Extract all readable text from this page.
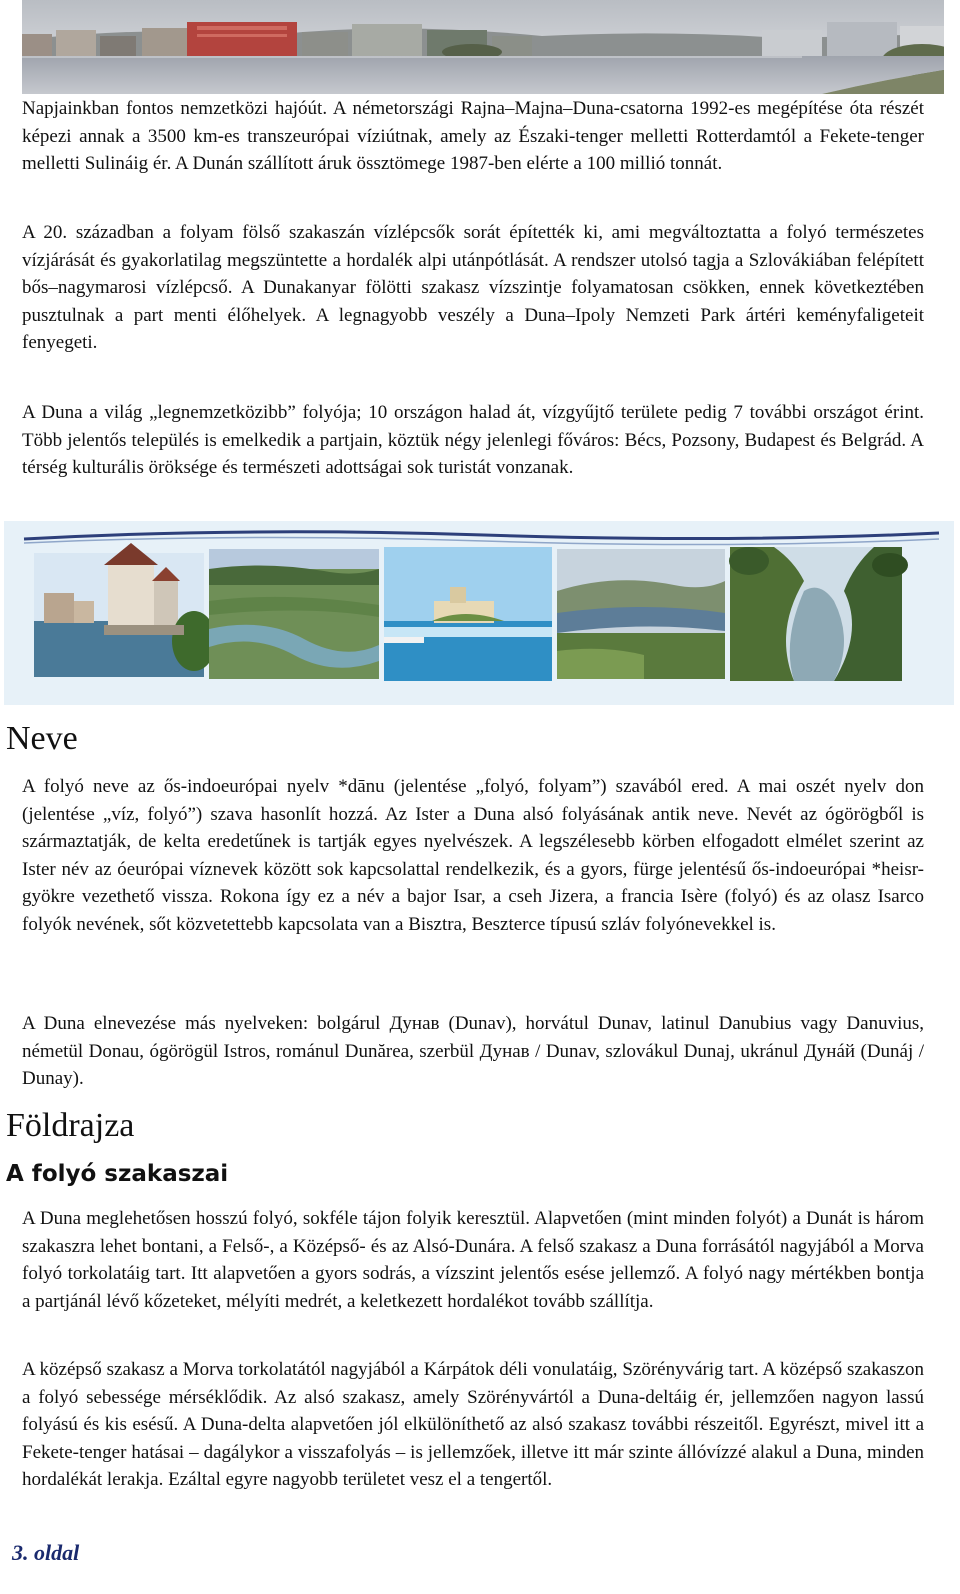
Napjainkban fontos nemzetközi hajóút. A németországi Rajna–Majna–Duna-csatorna 1992-es megépítése óta részét képezi annak a 3500 km-es transzeurópai víziútnak, amely az Északi-tenger melletti Rotterdamtól a Fekete-tenger melletti Sulináig ér. A Dunán szállított áruk össztömege 1987-ben elérte a 100 millió tonnát.

A 20. században a folyam fölső szakaszán vízlépcsők sorát építették ki, ami megváltoztatta a folyó természetes vízjárását és gyakorlatilag megszüntette a hordalék alpi utánpótlását. A rendszer utolsó tagja a Szlovákiában felépített bős–nagymarosi vízlépcső. A Dunakanyar fölötti szakasz vízszintje folyamatosan csökken, ennek következtében pusztulnak a part menti élőhelyek. A legnagyobb veszély a Duna–Ipoly Nemzeti Park ártéri keményfaligeteit fenyegeti.

A Duna a világ „legnemzetközibb” folyója; 10 országon halad át, vízgyűjtő területe pedig 7 további országot érint. Több jelentős település is emelkedik a partjain, köztük négy jelenlegi főváros: Bécs, Pozsony, Budapest és Belgrád. A térség kulturális öröksége és természeti adottságai sok turistát vonzanak.

Neve

A folyó neve az ős-indoeurópai nyelv *dānu (jelentése „folyó, folyam”) szavából ered. A mai oszét nyelv don (jelentése „víz, folyó”) szava hasonlít hozzá. Az Ister a Duna alsó folyásának antik neve. Nevét az ógörögből is származtatják, de kelta eredetűnek is tartják egyes nyelvészek. A legszélesebb körben elfogadott elmélet szerint az Ister név az óeurópai víznevek között sok kapcsolattal rendelkezik, és a gyors, fürge jelentésű ős-indoeurópai *heisr- gyökre vezethető vissza. Rokona így ez a név a bajor Isar, a cseh Jizera, a francia Isère (folyó) és az olasz Isarco folyók nevének, sőt közvetettebb kapcsolata van a Bisztra, Beszterce típusú szláv folyónevekkel is.

A Duna elnevezése más nyelveken: bolgárul Дунав (Dunav), horvátul Dunav, latinul Danubius vagy Danuvius, németül Donau, ógörögül Istros, románul Dunărea, szerbül Дунав / Dunav, szlovákul Dunaj, ukránul Дунáй (Dunáj / Dunay).

Földrajza
A folyó szakaszai

A Duna meglehetősen hosszú folyó, sokféle tájon folyik keresztül. Alapvetően (mint minden folyót) a Dunát is három szakaszra lehet bontani, a Felső-, a Középső- és az Alsó-Dunára. A felső szakasz a Duna forrásától nagyjából a Morva folyó torkolatáig tart. Itt alapvetően a gyors sodrás, a vízszint jelentős esése jellemző. A folyó nagy mértékben bontja a partjánál lévő kőzeteket, mélyíti medrét, a keletkezett hordalékot tovább szállítja.

A középső szakasz a Morva torkolatától nagyjából a Kárpátok déli vonulatáig, Szörényvárig tart. A középső szakaszon a folyó sebessége mérséklődik. Az alsó szakasz, amely Szörényvártól a Duna-deltáig ér, jellemzően nagyon lassú folyású és kis esésű. A Duna-delta alapvetően jól elkülöníthető az alsó szakasz további részeitől. Egyrészt, mivel itt a Fekete-tenger hatásai – dagálykor a visszafolyás – is jellemzőek, illetve itt már szinte állóvízzé alakul a Duna, minden hordalékát lerakja. Ezáltal egyre nagyobb területet vesz el a tengertől.

3. oldal
